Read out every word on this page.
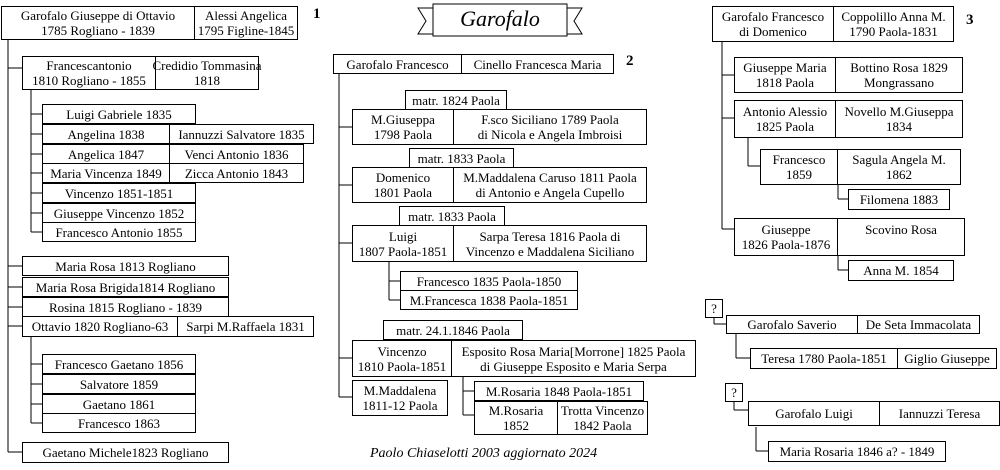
Garofalo
1
Garofalo Giuseppe di Ottavio
1785 Rogliano - 1839
Alessi Angelica
1795 Figline-1845
Francescantonio
1810 Rogliano - 1855
Credidio Tommasina
1818
Luigi Gabriele 1835
Angelina 1838	Iannuzzi Salvatore 1835
Angelica 1847	Venci Antonio 1836
Maria Vincenza 1849	Zicca Antonio 1843
Vincenzo 1851-1851
Giuseppe Vincenzo 1852
Francesco Antonio 1855
Maria Rosa 1813 Rogliano
Maria Rosa Brigida1814 Rogliano
Rosina 1815 Rogliano - 1839
Ottavio 1820 Rogliano-63	Sarpi M.Raffaela 1831
Francesco Gaetano 1856
Salvatore 1859
Gaetano 1861
Francesco 1863
Gaetano Michele1823 Rogliano
2
Garofalo Francesco	Cinello Francesca Maria
matr. 1824 Paola
M.Giuseppa
1798 Paola
F.sco Siciliano 1789 Paola
di Nicola e Angela Imbroisi
matr. 1833 Paola
Domenico
1801 Paola
M.Maddalena Caruso 1811 Paola
di Antonio e Angela Cupello
matr. 1833 Paola
Luigi
1807 Paola-1851
Sarpa Teresa 1816 Paola di
Vincenzo e Maddalena Siciliano
Francesco 1835 Paola-1850
M.Francesca 1838 Paola-1851
matr. 24.1.1846 Paola
Vincenzo
1810 Paola-1851
Esposito Rosa Maria[Morrone] 1825 Paola
di Giuseppe Esposito e Maria Serpa
M.Maddalena
1811-12 Paola
M.Rosaria 1848 Paola-1851
M.Rosaria
1852
Trotta Vincenzo
1842 Paola
Paolo Chiaselotti 2003 aggiornato 2024
3
Garofalo Francesco
di Domenico
Coppolillo Anna M.
1790 Paola-1831
Giuseppe Maria
1818 Paola
Bottino Rosa 1829
Mongrassano
Antonio Alessio
1825 Paola
Novello M.Giuseppa
1834
Francesco
1859
Sagula Angela M.
1862
Filomena 1883
Giuseppe
1826 Paola-1876
Scovino Rosa
Anna M. 1854
?
Garofalo Saverio	De Seta Immacolata
Teresa 1780 Paola-1851	Giglio Giuseppe
?
Garofalo Luigi	Iannuzzi Teresa
Maria Rosaria 1846 a? - 1849
